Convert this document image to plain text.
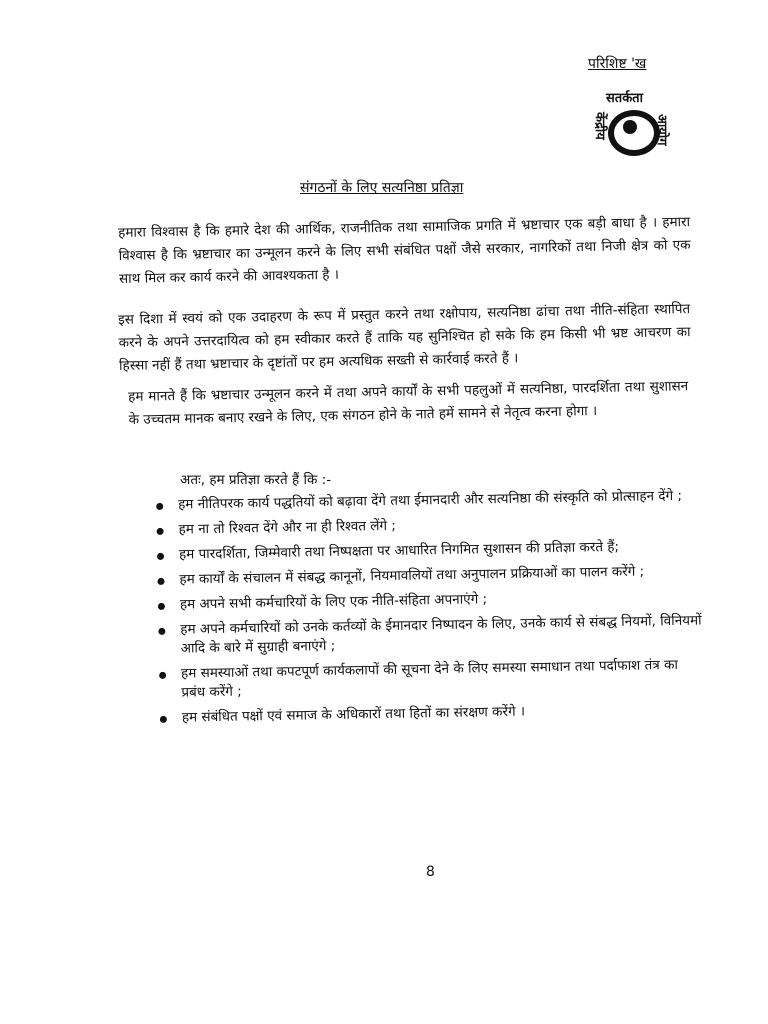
परिशिष्ट 'ख
सतर्कता
आयोग
केंद्रीय
संगठनों के लिए सत्यनिष्ठा प्रतिज्ञा

हमारा विश्वास है कि हमारे देश की आर्थिक, राजनीतिक तथा सामाजिक प्रगति में भ्रष्टाचार एक बड़ी बाधा है । हमारा विश्वास है कि भ्रष्टाचार का उन्मूलन करने के लिए सभी संबंधित पक्षों जैसे सरकार, नागरिकों तथा निजी क्षेत्र को एक साथ मिल कर कार्य करने की आवश्यकता है ।

इस दिशा में स्वयं को एक उदाहरण के रूप में प्रस्तुत करने तथा रक्षोपाय, सत्यनिष्ठा ढांचा तथा नीति-संहिता स्थापित करने के अपने उत्तरदायित्व को हम स्वीकार करते हैं ताकि यह सुनिश्चित हो सके कि हम किसी भी भ्रष्ट आचरण का हिस्सा नहीं हैं तथा भ्रष्टाचार के दृष्टांतों पर हम अत्यधिक सख्ती से कार्रवाई करते हैं ।

हम मानते हैं कि भ्रष्टाचार उन्मूलन करने में तथा अपने कार्यों के सभी पहलुओं में सत्यनिष्ठा, पारदर्शिता तथा सुशासन के उच्चतम मानक बनाए रखने के लिए, एक संगठन होने के नाते हमें सामने से नेतृत्व करना होगा ।

अतः, हम प्रतिज्ञा करते हैं कि :-
हम नीतिपरक कार्य पद्धतियों को बढ़ावा देंगे तथा ईमानदारी और सत्यनिष्ठा की संस्कृति को प्रोत्साहन देंगे ;
हम ना तो रिश्वत देंगे और ना ही रिश्वत लेंगे ;
हम पारदर्शिता, जिम्मेवारी तथा निष्पक्षता पर आधारित निगमित सुशासन की प्रतिज्ञा करते हैं;
हम कार्यों के संचालन में संबद्ध कानूनों, नियमावलियों तथा अनुपालन प्रक्रियाओं का पालन करेंगे ;
हम अपने सभी कर्मचारियों के लिए एक नीति-संहिता अपनाएंगे ;
हम अपने कर्मचारियों को उनके कर्तव्यों के ईमानदार निष्पादन के लिए, उनके कार्य से संबद्ध नियमों, विनियमों आदि के बारे में सुग्राही बनाएंगे ;
हम समस्याओं तथा कपटपूर्ण कार्यकलापों की सूचना देने के लिए समस्या समाधान तथा पर्दाफाश तंत्र का प्रबंध करेंगे ;
हम संबंधित पक्षों एवं समाज के अधिकारों तथा हितों का संरक्षण करेंगे ।
8
